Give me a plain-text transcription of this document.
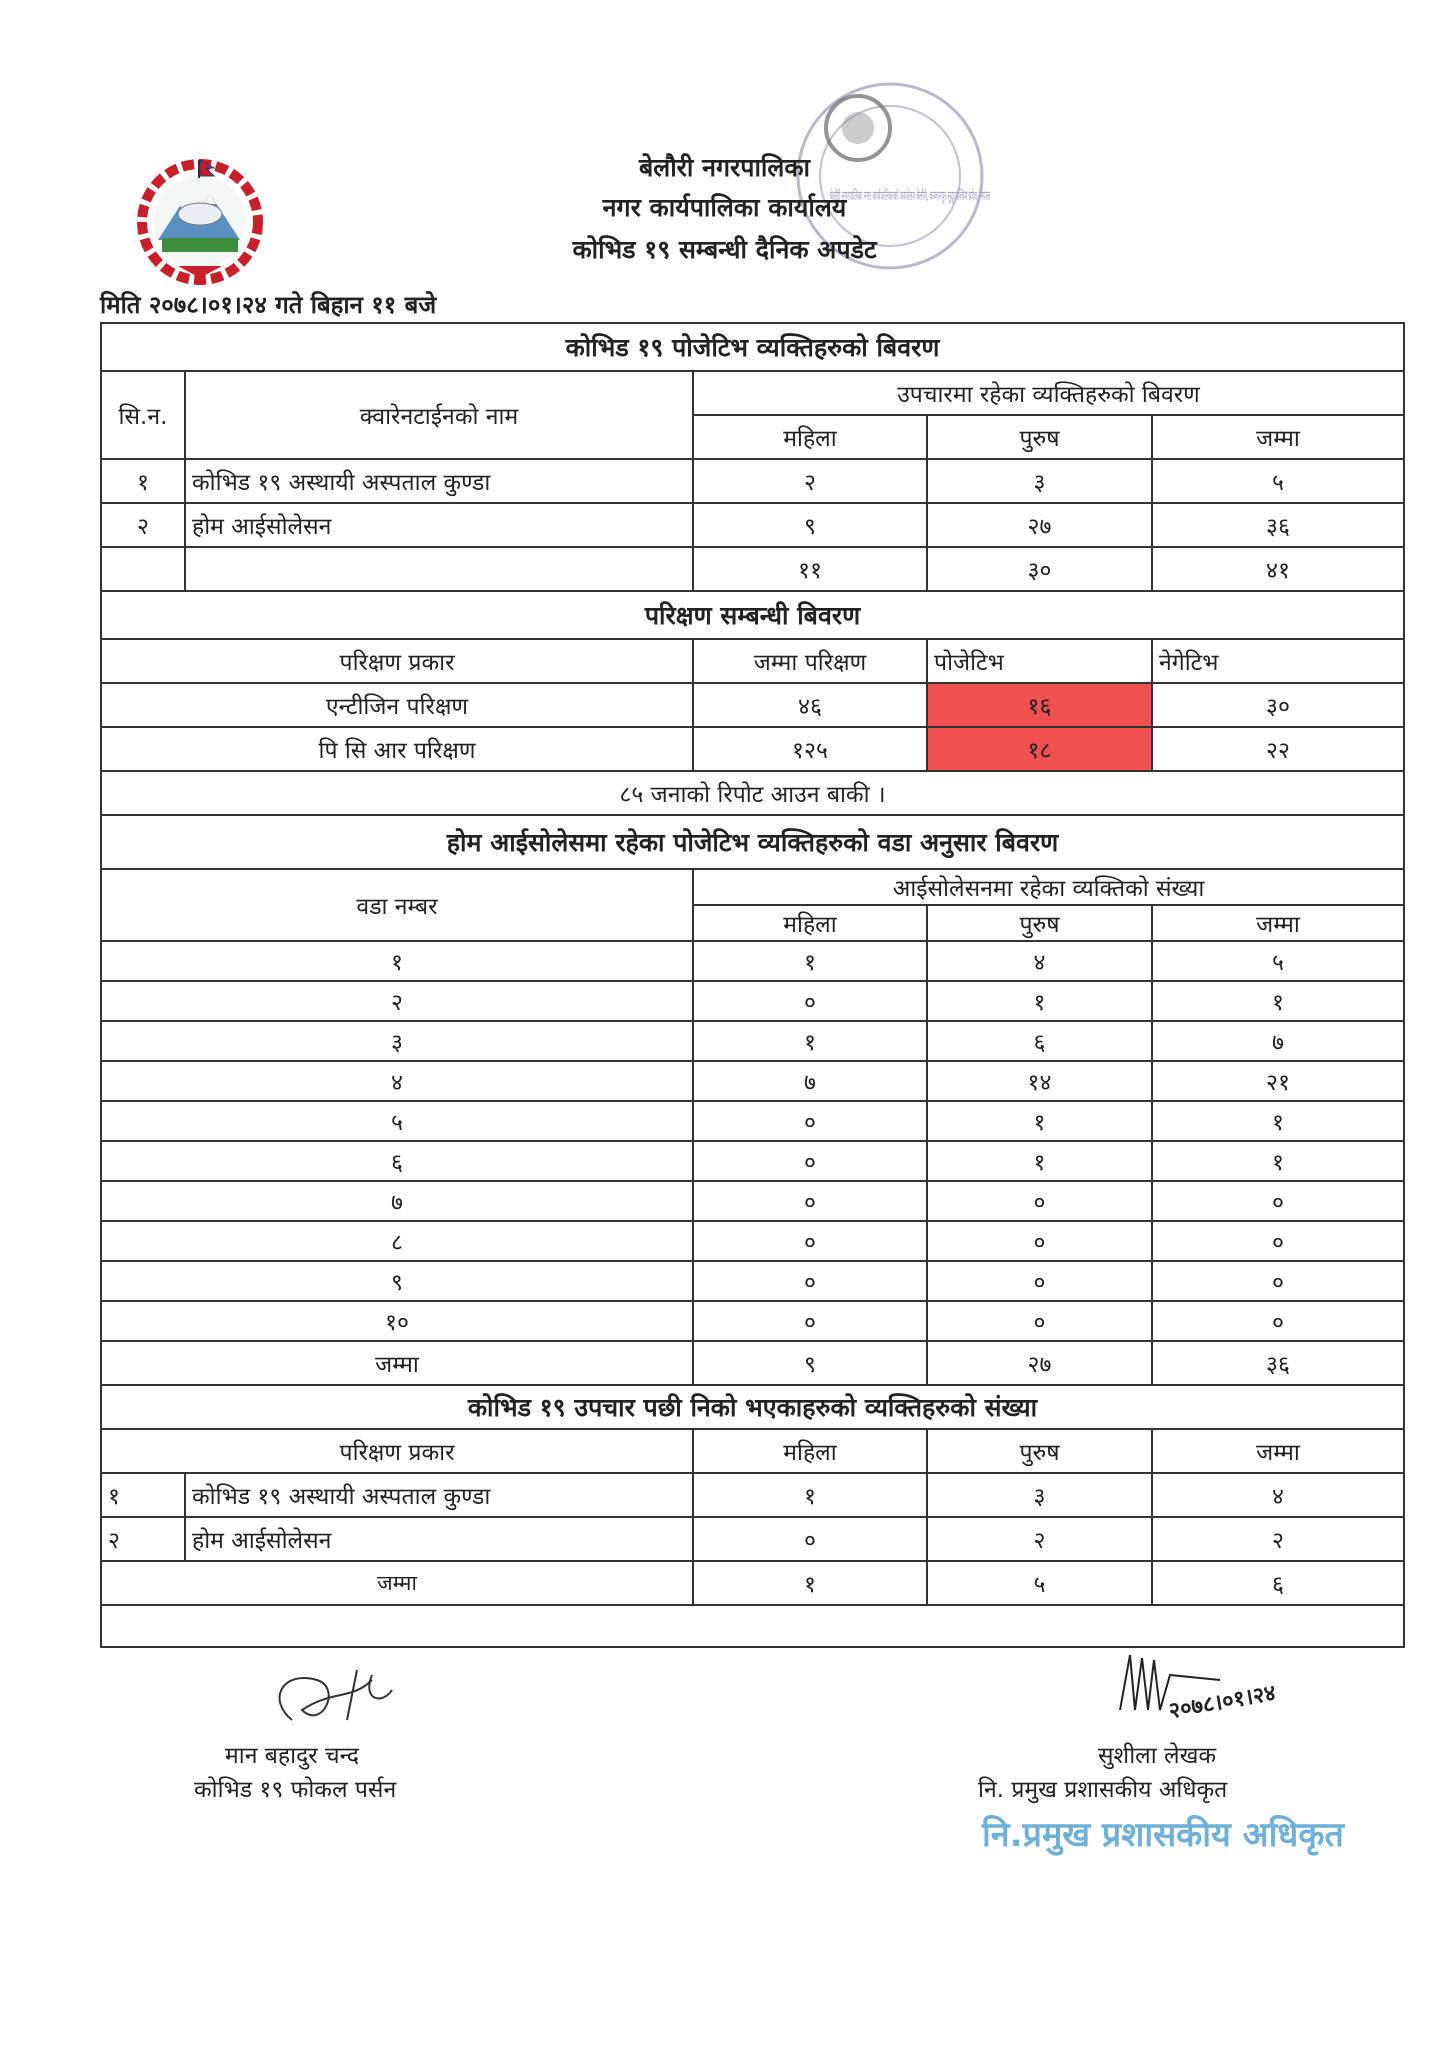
बेलौरी नगरपालिका नगर कार्यपालिकाको कार्यालय बेलौरी, कञ्चनपुर सुदूरपश्चिम प्रदेश, नेपाल
बेलौरी नगरपालिका
नगर कार्यपालिका कार्यालय
कोभिड १९ सम्बन्धी दैनिक अपडेट
मिति २०७८।०१।२४ गते बिहान ११ बजे
कोभिड १९ पोजेटिभ व्यक्तिहरुको बिवरण				
सि.न.	क्वारेनटाईनको नाम	उपचारमा रहेका व्यक्तिहरुको बिवरण		
		महिला	पुरुष	जम्मा
१	कोभिड १९ अस्थायी अस्पताल कुण्डा	२	३	५
२	होम आईसोलेसन	९	२७	३६
		११	३०	४१
परिक्षण सम्बन्धी बिवरण				
परिक्षण प्रकार		जम्मा परिक्षण	पोजेटिभ	नेगेटिभ
एन्टीजिन परिक्षण		४६	१६	३०
पि सि आर परिक्षण		१२५	१८	२२
८५ जनाको रिपोट आउन बाकी ।				
होम आईसोलेसमा रहेका पोजेटिभ व्यक्तिहरुको वडा अनुसार बिवरण				
वडा नम्बर		आईसोलेसनमा रहेका व्यक्तिको संख्या		
		महिला	पुरुष	जम्मा
१		१	४	५
२		०	१	१
३		१	६	७
४		७	१४	२१
५		०	१	१
६		०	१	१
७		०	०	०
८		०	०	०
९		०	०	०
१०		०	०	०
जम्मा		९	२७	३६
कोभिड १९ उपचार पछी निको भएकाहरुको व्यक्तिहरुको संख्या				
परिक्षण प्रकार		महिला	पुरुष	जम्मा
१	कोभिड १९ अस्थायी अस्पताल कुण्डा	१	३	४
२	होम आईसोलेसन	०	२	२
जम्मा		१	५	६

मान बहादुर चन्द
कोभिड १९ फोकल पर्सन
२०७८।०१।२४
सुशीला लेखक
नि. प्रमुख प्रशासकीय अधिकृत
नि.प्रमुख प्रशासकीय अधिकृत
